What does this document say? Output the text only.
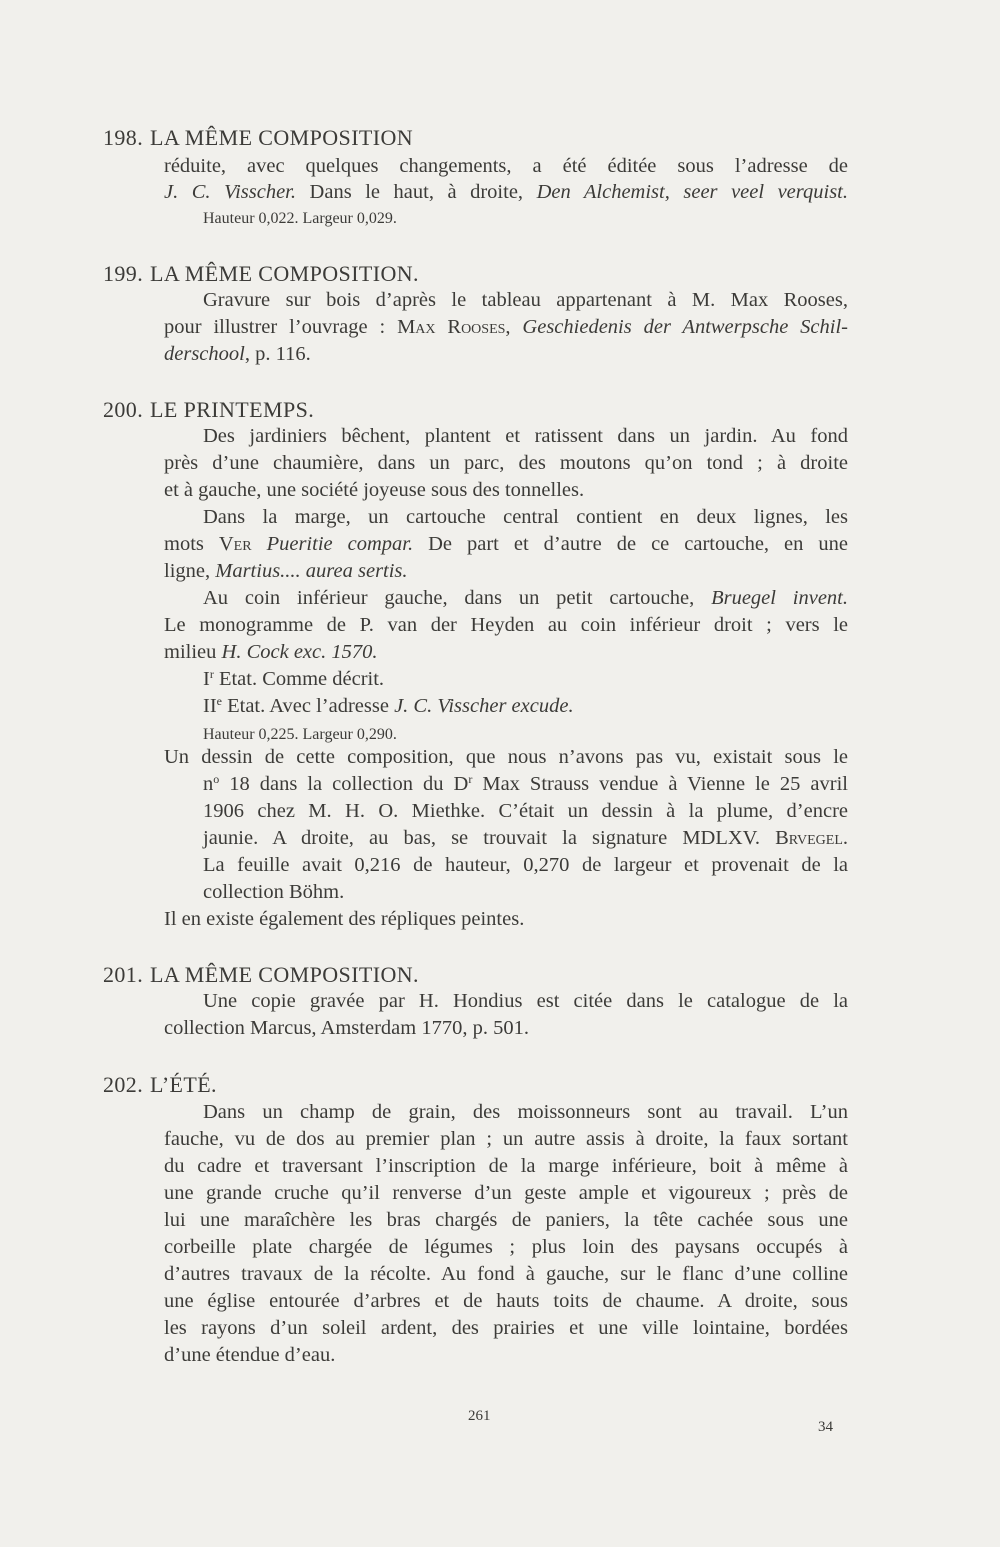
198. LA MÊME COMPOSITION
réduite, avec quelques changements, a été éditée sous l’adresse de
J. C. Visscher. Dans le haut, à droite, Den Alchemist, seer veel verquist.
Hauteur 0,022. Largeur 0,029.
199. LA MÊME COMPOSITION.
Gravure sur bois d’après le tableau appartenant à M. Max Rooses,
pour illustrer l’ouvrage : Max Rooses, Geschiedenis der Antwerpsche Schil-
derschool, p. 116.
200. LE PRINTEMPS.
Des jardiniers bêchent, plantent et ratissent dans un jardin. Au fond
près d’une chaumière, dans un parc, des moutons qu’on tond ; à droite
et à gauche, une société joyeuse sous des tonnelles.
Dans la marge, un cartouche central contient en deux lignes, les
mots Ver Pueritie compar. De part et d’autre de ce cartouche, en une
ligne, Martius.... aurea sertis.
Au coin inférieur gauche, dans un petit cartouche, Bruegel invent.
Le monogramme de P. van der Heyden au coin inférieur droit ; vers le
milieu H. Cock exc. 1570.
$I^r$ Etat. Comme décrit.
IIe Etat. Avec l’adresse J. C. Visscher excude.
Hauteur 0,225. Largeur 0,290.
Un dessin de cette composition, que nous n’avons pas vu, existait sous le
$n^o$ 18 dans la collection du $D^r$ Max Strauss vendue à Vienne le 25 avril
1906 chez M. H. O. Miethke. C’était un dessin à la plume, d’encre
jaunie. A droite, au bas, se trouvait la signature MDLXV. Brvegel.
La feuille avait 0,216 de hauteur, 0,270 de largeur et provenait de la
collection Böhm.
Il en existe également des répliques peintes.
201. LA MÊME COMPOSITION.
Une copie gravée par H. Hondius est citée dans le catalogue de la
collection Marcus, Amsterdam 1770, p. 501.
202. L’ÉTÉ.
Dans un champ de grain, des moissonneurs sont au travail. L’un
fauche, vu de dos au premier plan ; un autre assis à droite, la faux sortant
du cadre et traversant l’inscription de la marge inférieure, boit à même à
une grande cruche qu’il renverse d’un geste ample et vigoureux ; près de
lui une maraîchère les bras chargés de paniers, la tête cachée sous une
corbeille plate chargée de légumes ; plus loin des paysans occupés à
d’autres travaux de la récolte. Au fond à gauche, sur le flanc d’une colline
une église entourée d’arbres et de hauts toits de chaume. A droite, sous
les rayons d’un soleil ardent, des prairies et une ville lointaine, bordées
d’une étendue d’eau.
261
34
